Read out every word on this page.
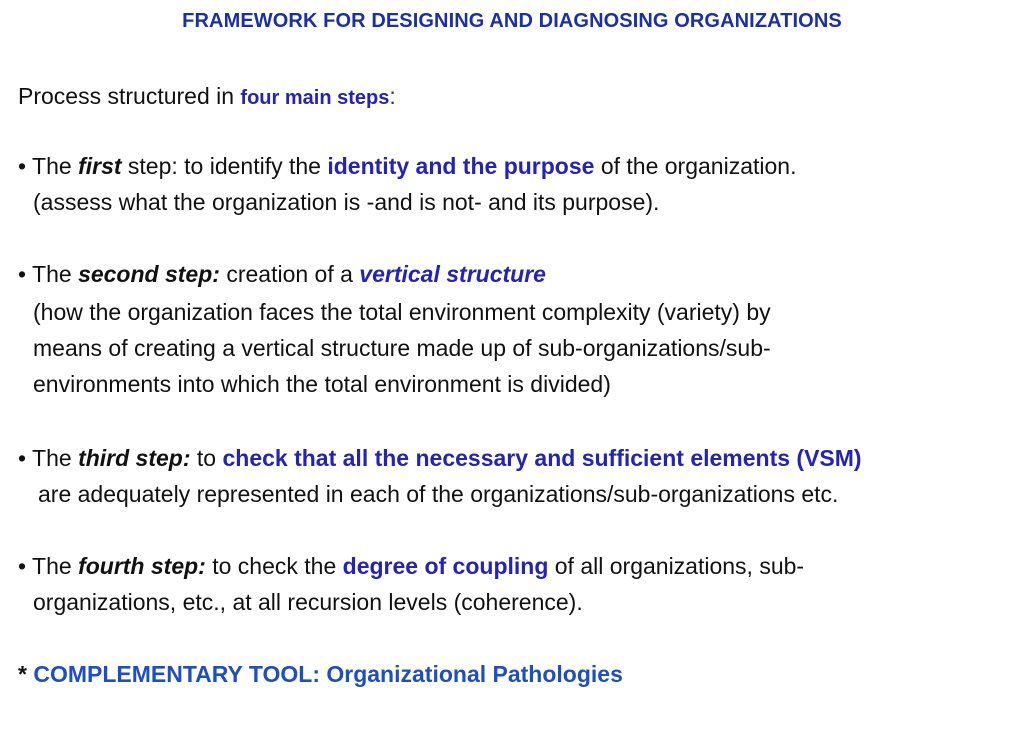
FRAMEWORK FOR DESIGNING AND DIAGNOSING ORGANIZATIONS
Process structured in four main steps:
• The first step: to identify the identity and the purpose of the organization.
(assess what the organization is -and is not- and its purpose).
• The second step: creation of a vertical structure
(how the organization faces the total environment complexity (variety) by
means of creating a vertical structure made up of sub-organizations/sub-
environments into which the total environment is divided)
• The third step: to check that all the necessary and sufficient elements (VSM)
are adequately represented in each of the organizations/sub-organizations etc.
• The fourth step: to check the degree of coupling of all organizations, sub-
organizations, etc., at all recursion levels (coherence).
* COMPLEMENTARY TOOL: Organizational Pathologies
